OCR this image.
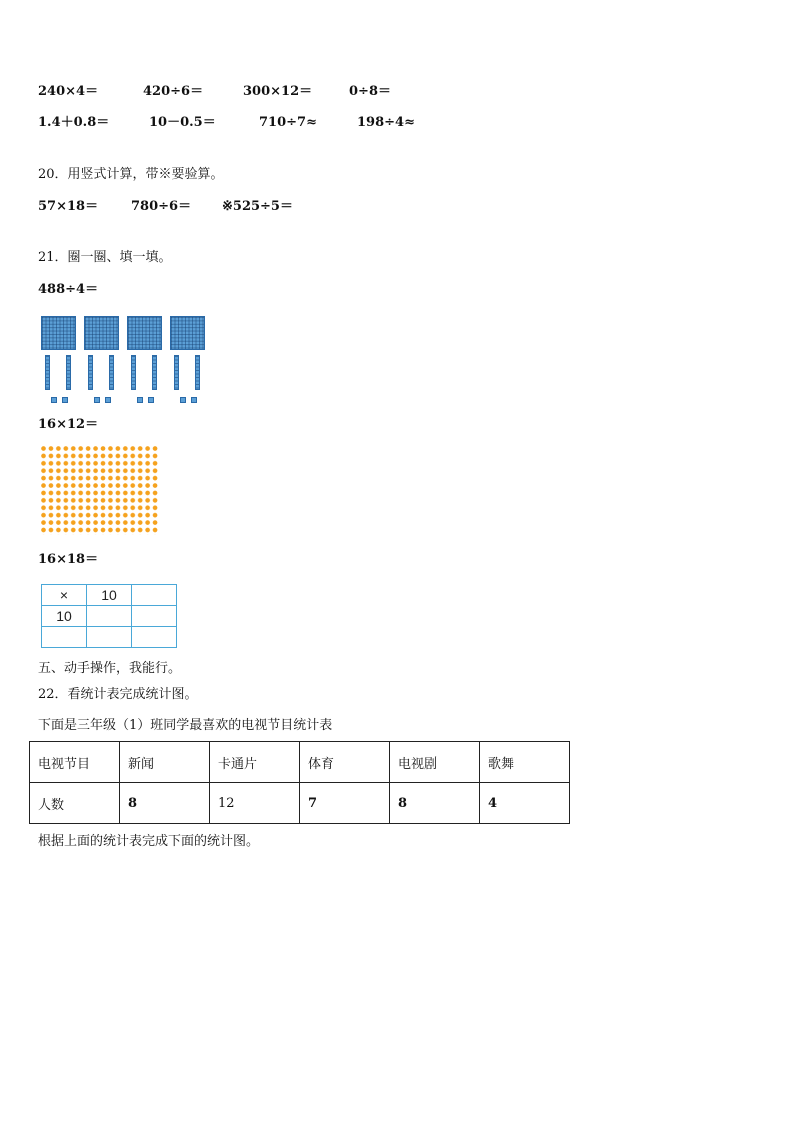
240×4＝	420÷6＝	300×12＝	0÷8＝
1.4＋0.8＝	10－0.5＝	710÷7≈	198÷4≈
20．用竖式计算，带※要验算。
57×18＝	780÷6＝ ※525÷5＝
21．圈一圈、填一填。
488÷4＝
16×12＝
16×18＝
×	10	
10		

五、动手操作，我能行。
22．看统计表完成统计图。
下面是三年级（1）班同学最喜欢的电视节目统计表
电视节目	新闻	卡通片	体育	电视剧	歌舞
人数	8	12	7	8	4
根据上面的统计表完成下面的统计图。
